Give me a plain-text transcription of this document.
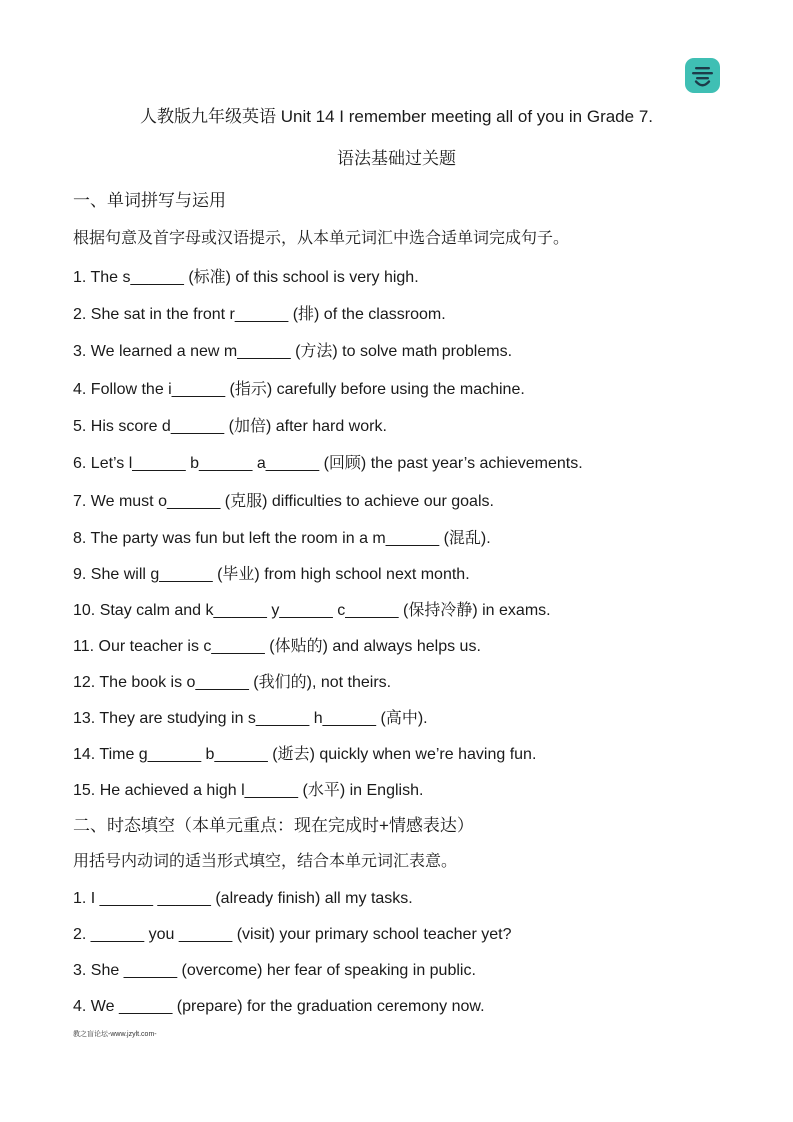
人教版九年级英语 Unit 14 I remember meeting all of you in Grade 7.
语法基础过关题
一、单词拼写与运用
根据句意及首字母或汉语提示，从本单元词汇中选合适单词完成句子。
1. The s______ (标准) of this school is very high.
2. She sat in the front r______ (排) of the classroom.
3. We learned a new m______ (方法) to solve math problems.
4. Follow the i______ (指示) carefully before using the machine.
5. His score d______ (加倍) after hard work.
6. Let’s l______ b______ a______ (回顾) the past year’s achievements.
7. We must o______ (克服) difficulties to achieve our goals.
8. The party was fun but left the room in a m______ (混乱).
9. She will g______ (毕业) from high school next month.
10. Stay calm and k______ y______ c______ (保持冷静) in exams.
11. Our teacher is c______ (体贴的) and always helps us.
12. The book is o______ (我们的), not theirs.
13. They are studying in s______ h______ (高中).
14. Time g______ b______ (逝去) quickly when we’re having fun.
15. He achieved a high l______ (水平) in English.
二、时态填空（本单元重点：现在完成时+情感表达）
用括号内动词的适当形式填空，结合本单元词汇表意。
1. I ______ ______ (already finish) all my tasks.
2. ______ you ______ (visit) your primary school teacher yet?
3. She ______ (overcome) her fear of speaking in public.
4. We ______ (prepare) for the graduation ceremony now.
教之盲论坛-www.jzylt.com-
